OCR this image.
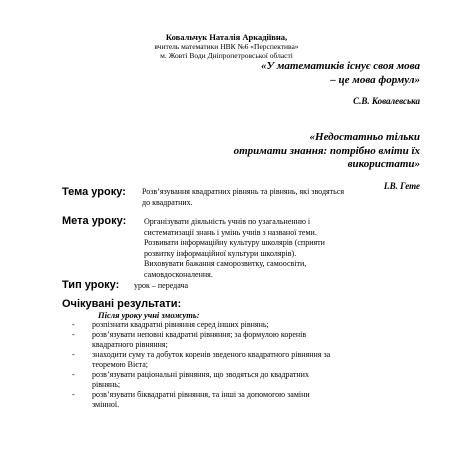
Ковальчук Наталія Аркадіївна,
вчитель математики НВК №6 «Перспектива»
м. Жовті Води Дніпропетровської області
«У математиків існує своя мова
– це мова формул»
С.В. Ковалевська
«Недостатньо тільки
отримати знання: потрібно вміти їх
використати»
І.В. Гете
Тема уроку:	Розв’язування квадратних рівнянь та рівнянь, які зводяться
до квадратних.
Мета уроку:	Організувати діяльність учнів по узагальненню і
систематизації знань і умінь учнів з названої теми.
Розвивати інформаційну культуру школярів (сприяти
розвитку інформаційної культури школярів).
Виховувати бажання саморозвитку, самоосвіти,
самовдосконалення.
Тип уроку:	урок – передача
Очікувані результати:
Після уроку учні зможуть:
- розпізнати квадратні рівняння серед інших рівнянь;
- розв’язувати неповні квадратні рівняння; за формулою коренів
квадратного рівняння;
- знаходити суму та добуток коренів зведеного квадратного рівняння за
теоремою Вієта;
- розв’язувати раціональні рівняння, що зводяться до квадратних
рівнянь;
- розв’язувати біквадратні рівняння, та інші за допомогою заміни
змінної.
